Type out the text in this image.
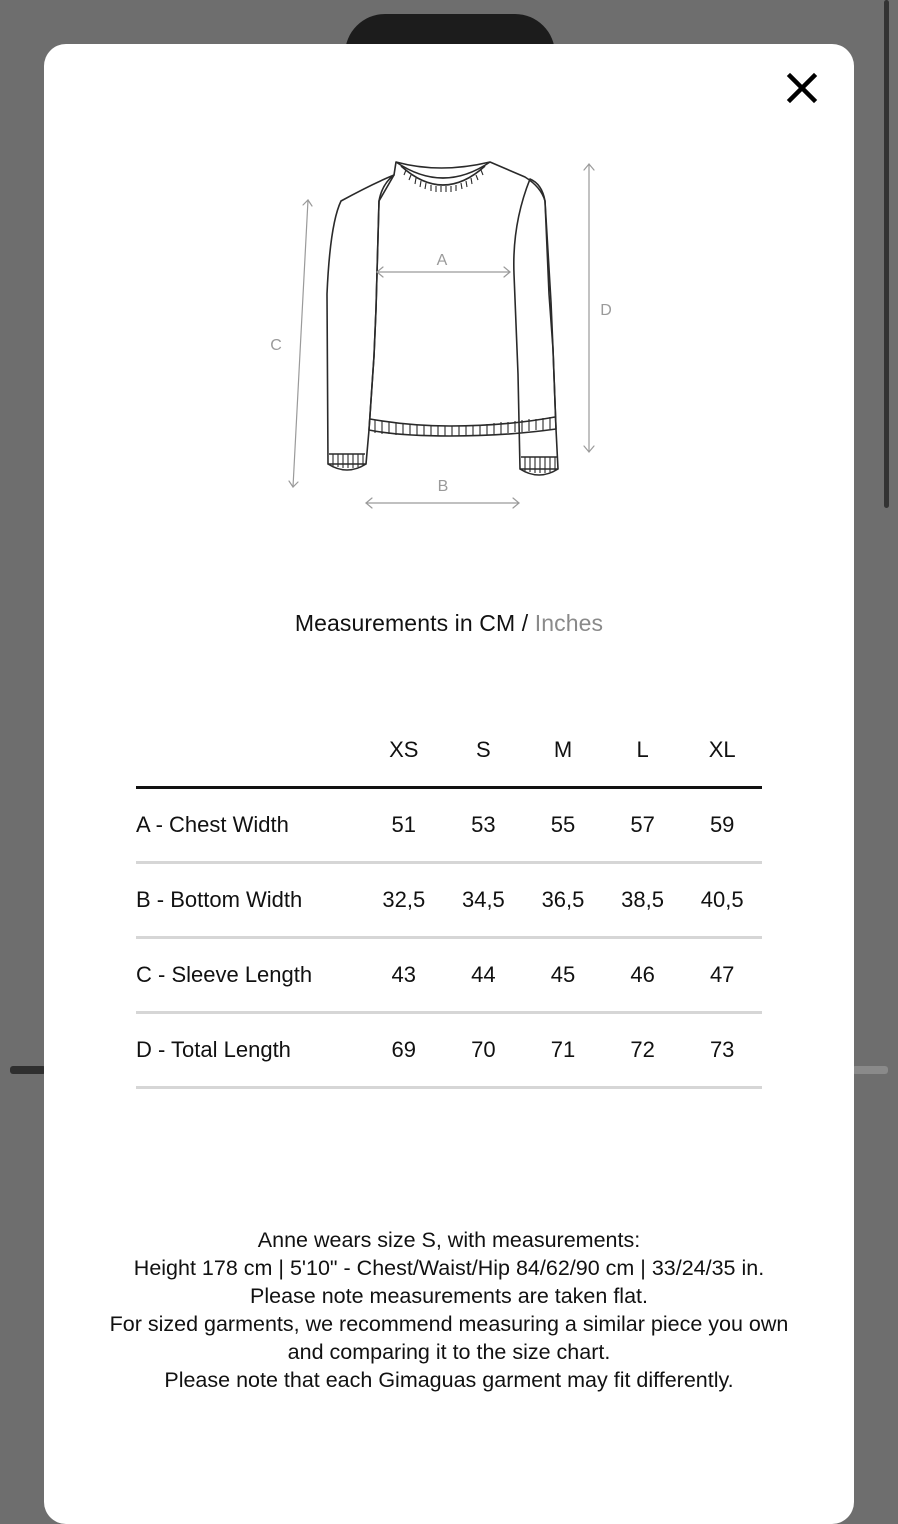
A
B
C
D
Measurements in CM / Inches
	XS	S	M	L	XL
A - Chest Width	51	53	55	57	59
B - Bottom Width	32,5	34,5	36,5	38,5	40,5
C - Sleeve Length	43	44	45	46	47
D - Total Length	69	70	71	72	73

Anne wears size S, with measurements:

Height 178 cm | 5'10" - Chest/Waist/Hip 84/62/90 cm | 33/24/35 in.

Please note measurements are taken flat.

For sized garments, we recommend measuring a similar piece you own and comparing it to the size chart.

Please note that each Gimaguas garment may fit differently.
